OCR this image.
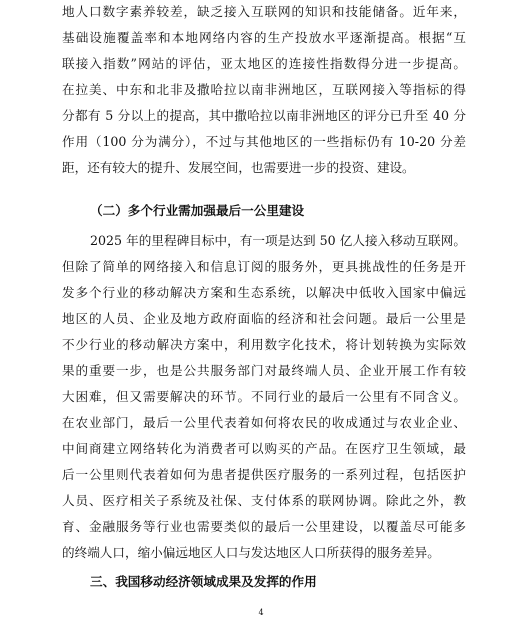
地人口数字素养较差，缺乏接入互联网的知识和技能储备。近年来，
基础设施覆盖率和本地网络内容的生产投放水平逐渐提高。根据“互
联接入指数”网站的评估，亚太地区的连接性指数得分进一步提高。
在拉美、中东和北非及撒哈拉以南非洲地区，互联网接入等指标的得
分都有 5 分以上的提高，其中撒哈拉以南非洲地区的评分已升至 40 分
作用（100 分为满分），不过与其他地区的一些指标仍有 10-20 分差
距，还有较大的提升、发展空间，也需要进一步的投资、建设。
（二）多个行业需加强最后一公里建设
2025 年的里程碑目标中，有一项是达到 50 亿人接入移动互联网。
但除了简单的网络接入和信息订阅的服务外，更具挑战性的任务是开
发多个行业的移动解决方案和生态系统，以解决中低收入国家中偏远
地区的人员、企业及地方政府面临的经济和社会问题。最后一公里是
不少行业的移动解决方案中，利用数字化技术，将计划转换为实际效
果的重要一步，也是公共服务部门对最终端人员、企业开展工作有较
大困难，但又需要解决的环节。不同行业的最后一公里有不同含义。
在农业部门，最后一公里代表着如何将农民的收成通过与农业企业、
中间商建立网络转化为消费者可以购买的产品。在医疗卫生领域，最
后一公里则代表着如何为患者提供医疗服务的一系列过程，包括医护
人员、医疗相关子系统及社保、支付体系的联网协调。除此之外，教
育、金融服务等行业也需要类似的最后一公里建设，以覆盖尽可能多
的终端人口，缩小偏远地区人口与发达地区人口所获得的服务差异。
三、我国移动经济领域成果及发挥的作用
4
